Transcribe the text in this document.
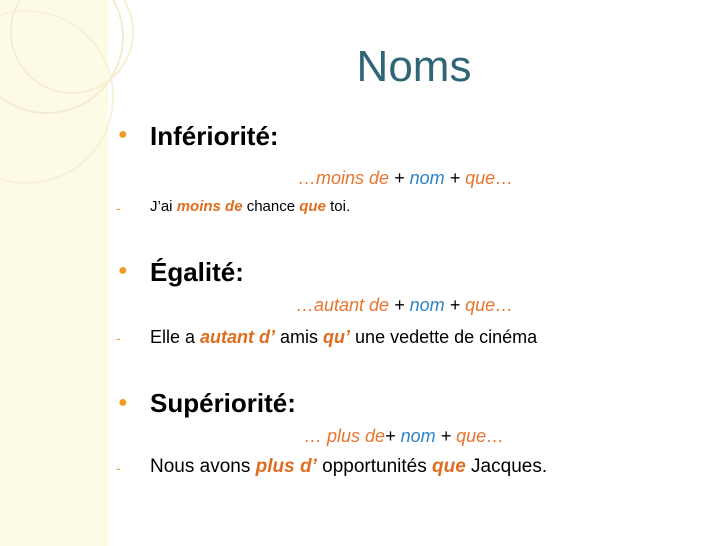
Noms
● Infériorité:
…moins de + nom + que…
- J’ai moins de chance que toi.
● Égalité:
…autant de + nom + que…
- Elle a autant d’ amis qu’ une vedette de cinéma
● Supériorité:
… plus de+ nom + que…
- Nous avons plus d’ opportunités que Jacques.
